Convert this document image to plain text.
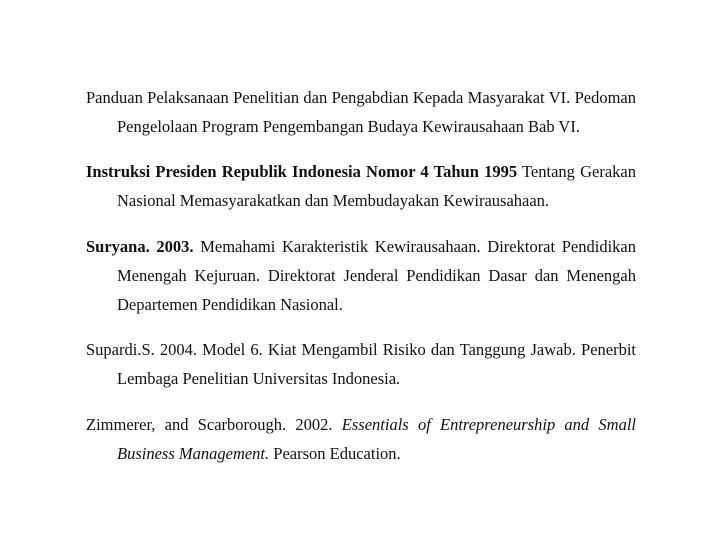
Panduan Pelaksanaan Penelitian dan Pengabdian Kepada Masyarakat VI. Pedoman Pengelolaan Program Pengembangan Budaya Kewirausahaan Bab VI.

Instruksi Presiden Republik Indonesia Nomor 4 Tahun 1995 Tentang Gerakan Nasional Memasyarakatkan dan Membudayakan Kewirausahaan.

Suryana. 2003. Memahami Karakteristik Kewirausahaan. Direktorat Pendidikan Menengah Kejuruan. Direktorat Jenderal Pendidikan Dasar dan Menengah Departemen Pendidikan Nasional.

Supardi.S. 2004. Model 6. Kiat Mengambil Risiko dan Tanggung Jawab. Penerbit Lembaga Penelitian Universitas Indonesia.

Zimmerer, and Scarborough. 2002. Essentials of Entrepreneurship and Small Business Management. Pearson Education.
